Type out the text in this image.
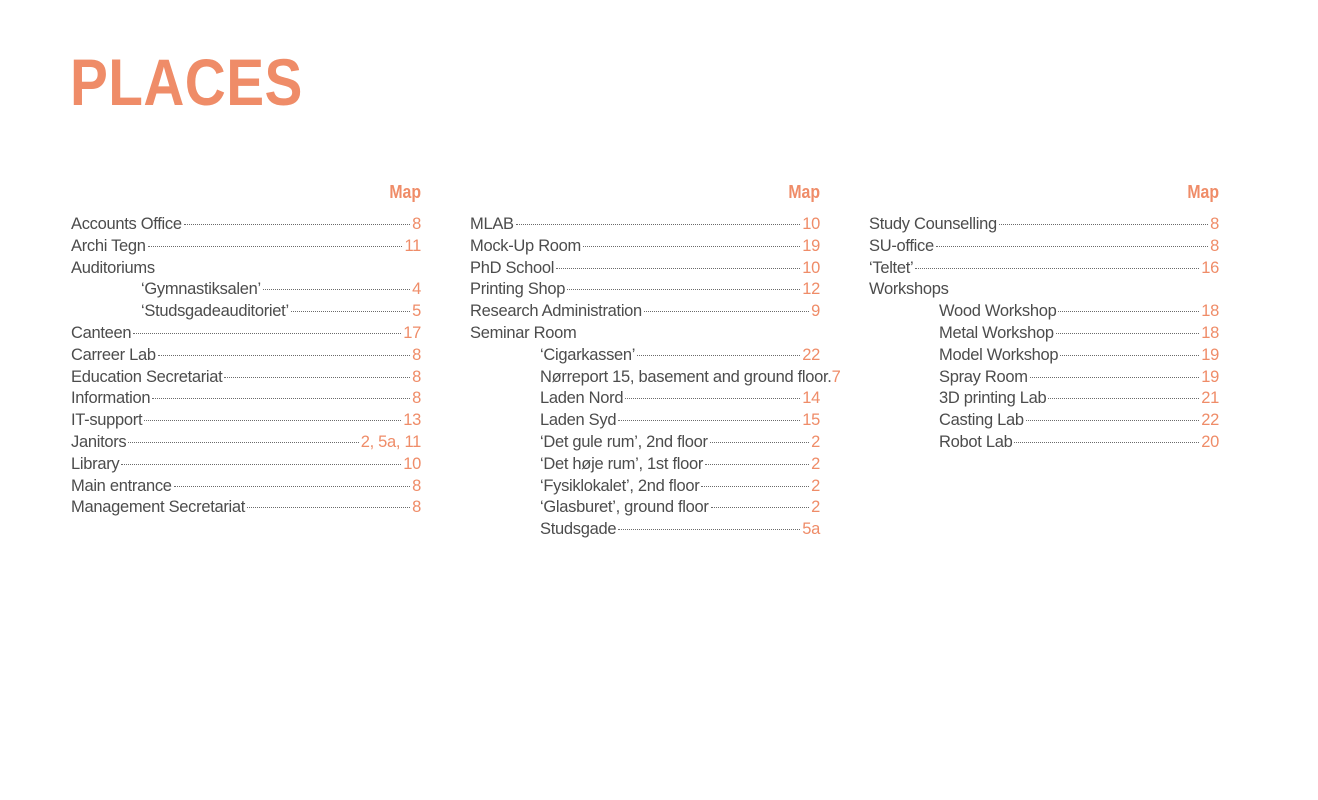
PLACES
Map
Accounts Office	8
Archi Tegn	11
Auditoriums
‘Gymnastiksalen’	4
‘Studsgadeauditoriet’	5
Canteen	17
Carreer Lab	8
Education Secretariat	8
Information	8
IT-support	13
Janitors	2, 5a, 11
Library	10
Main entrance	8
Management Secretariat	8
Map
MLAB	10
Mock-Up Room	19
PhD School	10
Printing Shop	12
Research Administration	9
Seminar Room
‘Cigarkassen’	22
Nørreport 15, basement and ground floor. 7
Laden Nord	14
Laden Syd	15
‘Det gule rum’, 2nd floor	2
‘Det høje rum’, 1st floor	2
‘Fysiklokalet’, 2nd floor	2
‘Glasburet’, ground floor	2
Studsgade	5a
Map
Study Counselling	8
SU-office	8
‘Teltet’	16
Workshops
Wood Workshop	18
Metal Workshop	18
Model Workshop	19
Spray Room	19
3D printing Lab	21
Casting Lab	22
Robot Lab	20
